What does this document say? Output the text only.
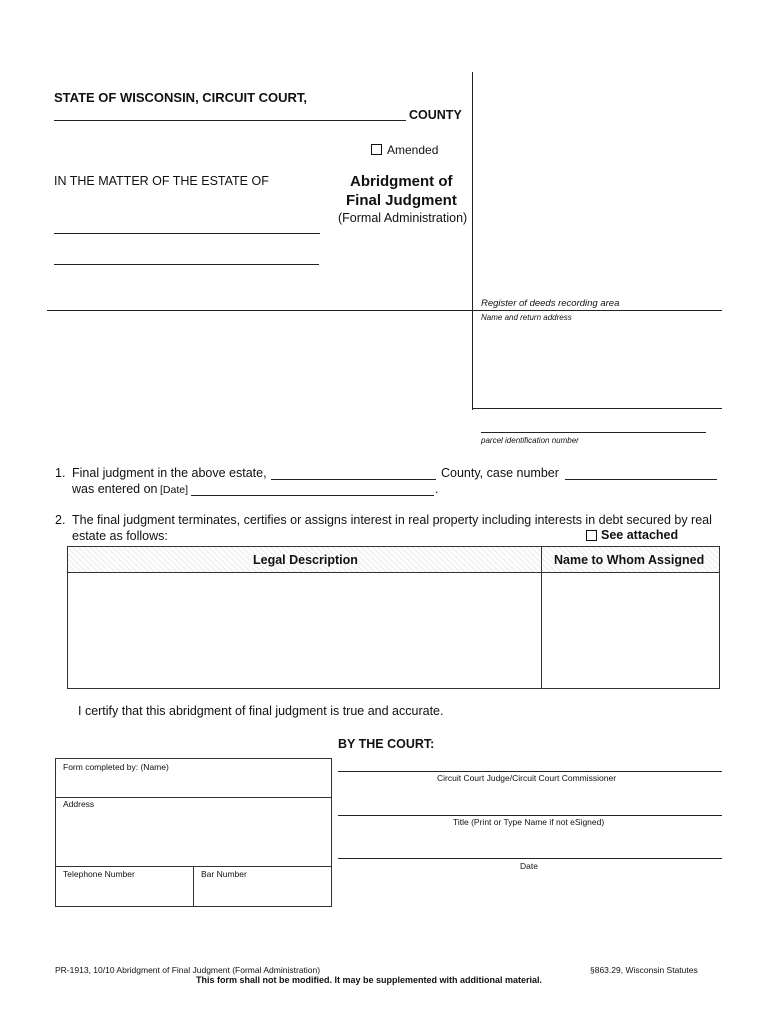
STATE OF WISCONSIN, CIRCUIT COURT,
COUNTY
Amended
IN THE MATTER OF THE ESTATE OF	Abridgment of
Final Judgment
(Formal Administration)
Register of deeds recording area
Name and return address
parcel identification number
1. Final judgment in the above estate,	County, case number
was entered on [Date]	.
2. The final judgment terminates, certifies or assigns interest in real property including interests in debt secured by real
estate as follows:	See attached
Legal Description	Name to Whom Assigned
I certify that this abridgment of final judgment is true and accurate.
BY THE COURT:
Circuit Court Judge/Circuit Court Commissioner
Title (Print or Type Name if not eSigned)
Date
Form completed by: (Name)
Address
Telephone Number	Bar Number
PR-1913, 10/10 Abridgment of Final Judgment (Formal Administration)	§863.29, Wisconsin Statutes
This form shall not be modified. It may be supplemented with additional material.
